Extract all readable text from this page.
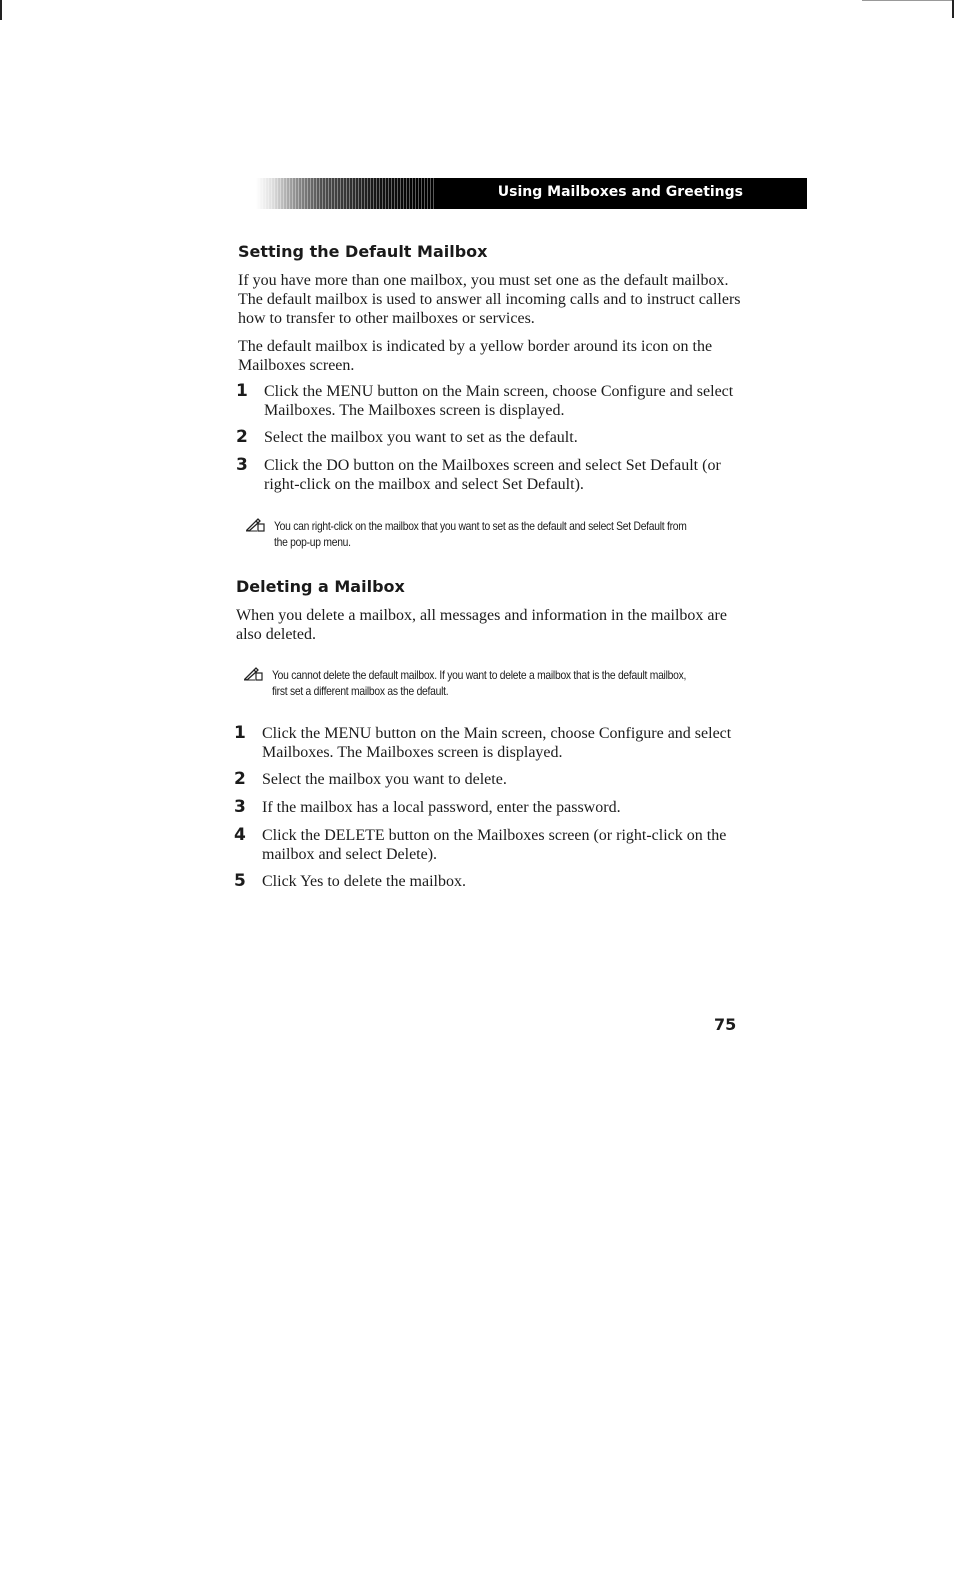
Using Mailboxes and Greetings
Setting the Default Mailbox

If you have more than one mailbox, you must set one as the default mailbox. The default mailbox is used to answer all incoming calls and to instruct callers how to transfer to other mailboxes or services.

The default mailbox is indicated by a yellow border around its icon on the Mailboxes screen.

1	Click the MENU button on the Main screen, choose Configure and select Mailboxes. The Mailboxes screen is displayed.
2	Select the mailbox you want to set as the default.
3	Click the DO button on the Mailboxes screen and select Set Default (or right-click on the mailbox and select Set Default).
You can right-click on the mailbox that you want to set as the default and select Set Default from the pop-up menu.
Deleting a Mailbox

When you delete a mailbox, all messages and information in the mailbox are also deleted.

You cannot delete the default mailbox. If you want to delete a mailbox that is the default mailbox, first set a different mailbox as the default.
1	Click the MENU button on the Main screen, choose Configure and select Mailboxes. The Mailboxes screen is displayed.
2	Select the mailbox you want to delete.
3	If the mailbox has a local password, enter the password.
4	Click the DELETE button on the Mailboxes screen (or right-click on the mailbox and select Delete).
5	Click Yes to delete the mailbox.
75
